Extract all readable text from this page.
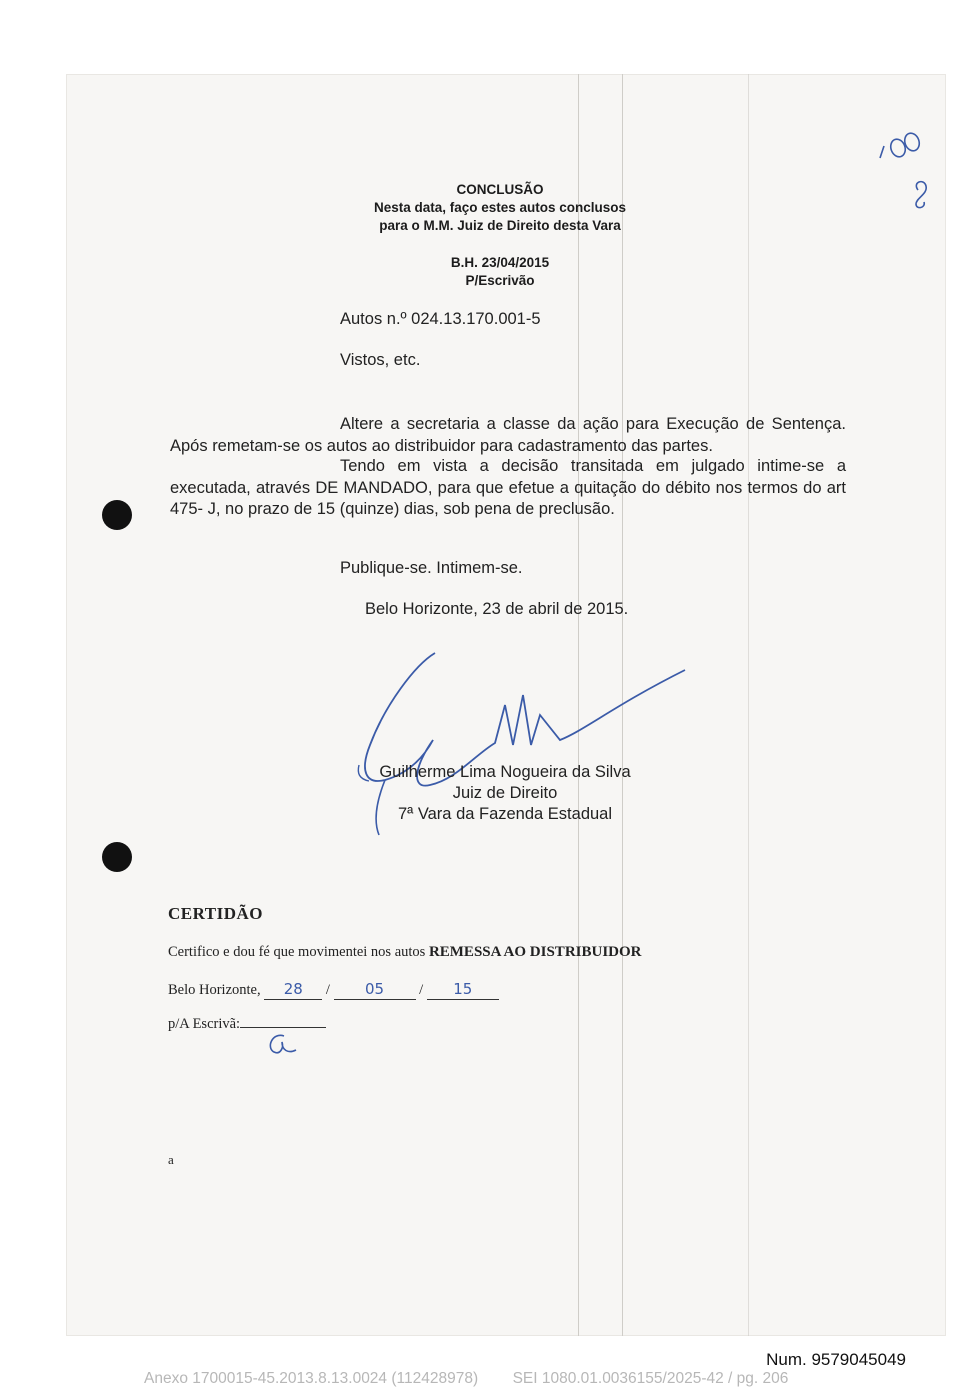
CONCLUSÃO
Nesta data, faço estes autos conclusos
para o M.M. Juiz de Direito desta Vara
B.H. 23/04/2015
P/Escrivão
Autos n.º 024.13.170.001-5
Vistos, etc.
Altere a secretaria a classe da ação para Execução de Sentença. Após remetam-se os autos ao distribuidor para cadastramento das partes.
Tendo em vista a decisão transitada em julgado intime-se a executada, através DE MANDADO, para que efetue a quitação do débito nos termos do art 475- J, no prazo de 15 (quinze) dias, sob pena de preclusão.
Publique-se. Intimem-se.
Belo Horizonte, 23 de abril de 2015.
Guilherme Lima Nogueira da Silva
Juiz de Direito
7ª Vara da Fazenda Estadual
CERTIDÃO
Certifico e dou fé que movimentei nos autos REMESSA AO DISTRIBUIDOR
Belo Horizonte, 28 / 05 / 15
p/A Escrivã:
a
Num. 9579045049
Anexo 1700015-45.2013.8.13.0024 (112428978)        SEI 1080.01.0036155/2025-42 / pg. 206
